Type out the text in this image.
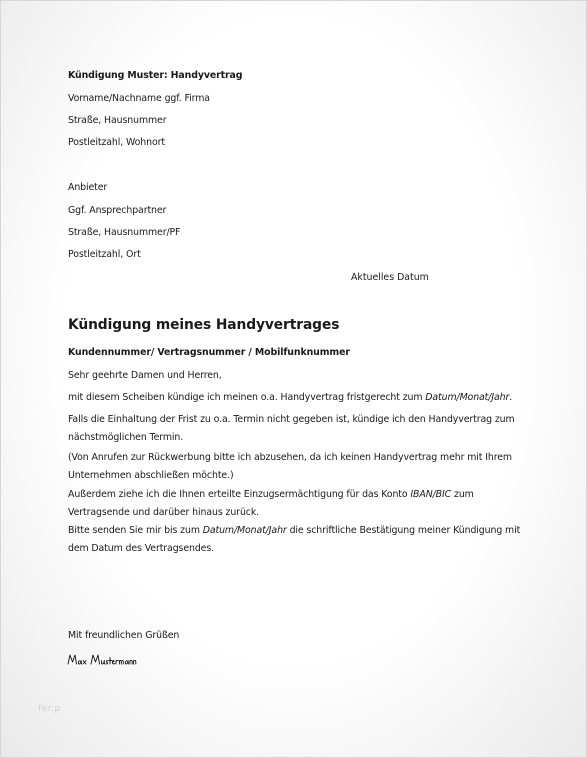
Kündigung Muster: Handyvertrag
Vorname/Nachname ggf. Firma
Straße, Hausnummer
Postleitzahl, Wohnort
Anbieter
Ggf. Ansprechpartner
Straße, Hausnummer/PF
Postleitzahl, Ort
Aktuelles Datum
Kündigung meines Handyvertrages
Kundennummer/ Vertragsnummer / Mobilfunknummer
Sehr geehrte Damen und Herren,
mit diesem Scheiben kündige ich meinen o.a. Handyvertrag fristgerecht zum Datum/Monat/Jahr.
Falls die Einhaltung der Frist zu o.a. Termin nicht gegeben ist, kündige ich den Handyvertrag zum
nächstmöglichen Termin.
(Von Anrufen zur Rückwerbung bitte ich abzusehen, da ich keinen Handyvertrag mehr mit Ihrem
Unternehmen abschließen möchte.)
Außerdem ziehe ich die Ihnen erteilte Einzugsermächtigung für das Konto IBAN/BIC zum
Vertragsende und darüber hinaus zurück.
Bitte senden Sie mir bis zum Datum/Monat/Jahr die schriftliche Bestätigung meiner Kündigung mit
dem Datum des Vertragsendes.
Mit freundlichen Grüßen
fer.p
